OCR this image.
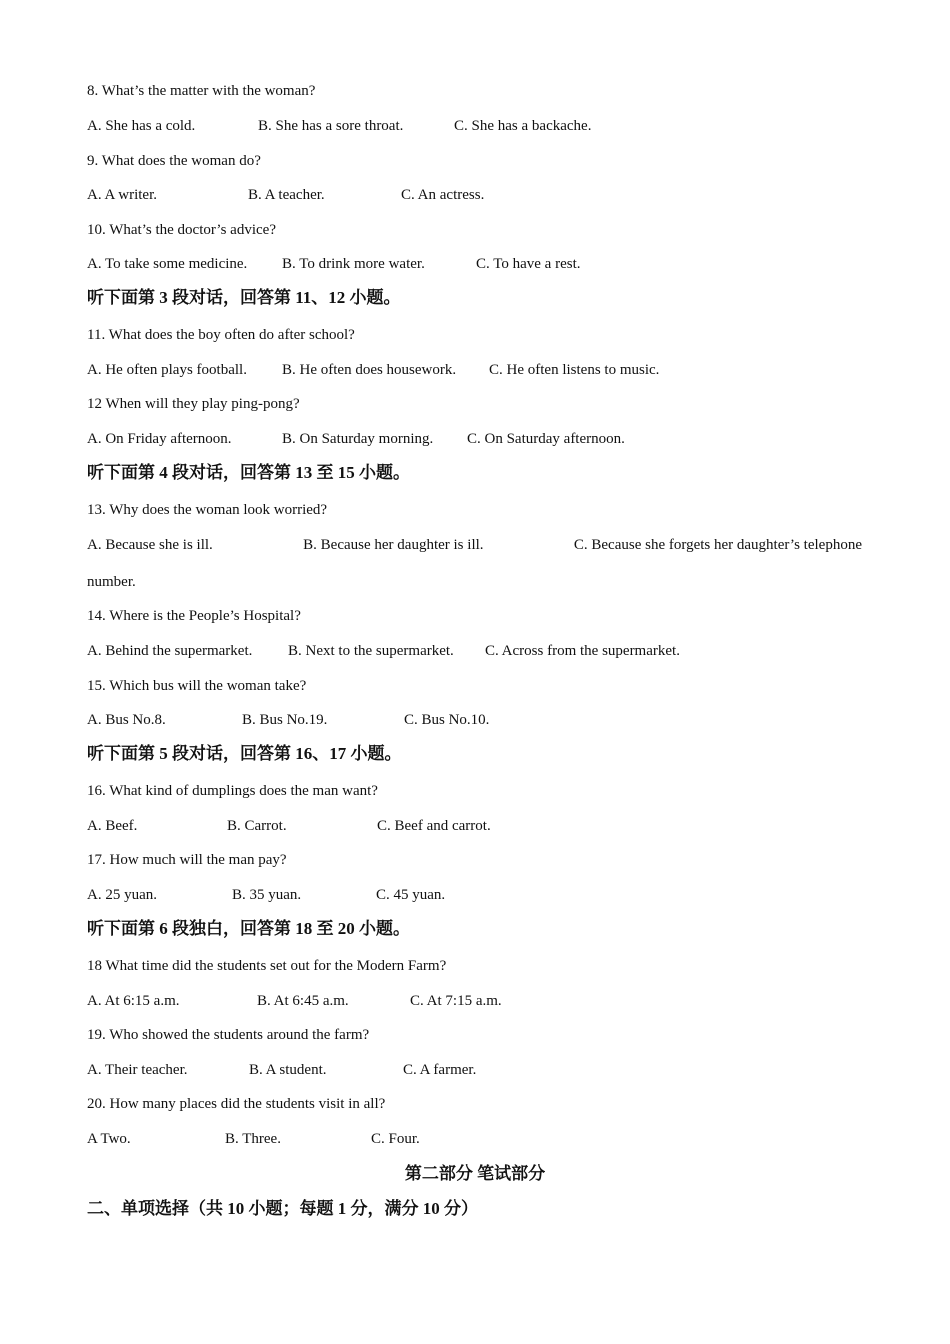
8. What’s the matter with the woman?
A. She has a cold.	B. She has a sore throat.	C. She has a backache.
9. What does the woman do?
A. A writer.	B. A teacher.	C. An actress.
10. What’s the doctor’s advice?
A. To take some medicine. B. To drink more water.	C. To have a rest.
听下面第 3 段对话，回答第 11、12 小题。
11. What does the boy often do after school?
A. He often plays football. B. He often does housework. C. He often listens to music.
12 When will they play ping-pong?
A. On Friday afternoon.	B. On Saturday morning. C. On Saturday afternoon.
听下面第 4 段对话，回答第 13 至 15 小题。
13. Why does the woman look worried?
A. Because she is ill.	B. Because her daughter is ill.	C. Because she forgets her daughter’s telephone
number.
14. Where is the People’s Hospital?
A. Behind the supermarket. B. Next to the supermarket. C. Across from the supermarket.
15. Which bus will the woman take?
A. Bus No.8.	B. Bus No.19.	C. Bus No.10.
听下面第 5 段对话，回答第 16、17 小题。
16. What kind of dumplings does the man want?
A. Beef.	B. Carrot.	C. Beef and carrot.
17. How much will the man pay?
A. 25 yuan.	B. 35 yuan.	C. 45 yuan.
听下面第 6 段独白，回答第 18 至 20 小题。
18 What time did the students set out for the Modern Farm?
A. At 6:15 a.m.	B. At 6:45 a.m.	C. At 7:15 a.m.
19. Who showed the students around the farm?
A. Their teacher.	B. A student.	C. A farmer.
20. How many places did the students visit in all?
A Two.	B. Three.	C. Four.
第二部分 笔试部分
二、单项选择（共 10 小题；每题 1 分，满分 10 分）
